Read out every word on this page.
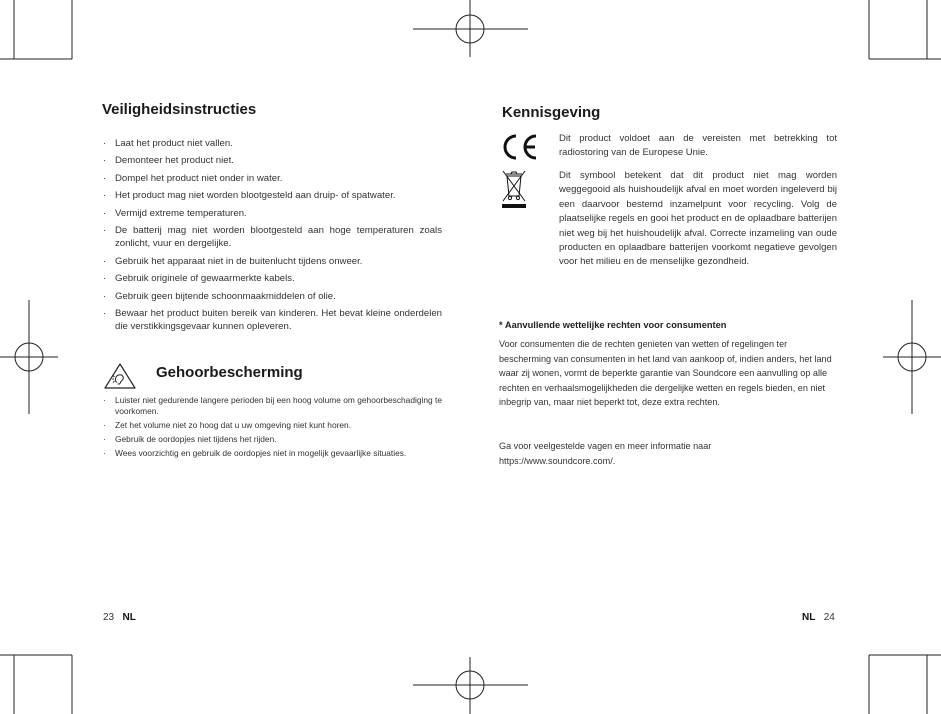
Veiligheidsinstructies
· Laat het product niet vallen.
· Demonteer het product niet.
· Dompel het product niet onder in water.
· Het product mag niet worden blootgesteld aan druip- of spatwater.
· Vermijd extreme temperaturen.
· De batterij mag niet worden blootgesteld aan hoge temperaturen zoals zonlicht, vuur en dergelijke.
· Gebruik het apparaat niet in de buitenlucht tijdens onweer.
· Gebruik originele of gewaarmerkte kabels.
· Gebruik geen bijtende schoonmaakmiddelen of olie.
· Bewaar het product buiten bereik van kinderen. Het bevat kleine onderdelen die verstikkingsgevaar kunnen opleveren.
Gehoorbescherming
· Luister niet gedurende langere perioden bij een hoog volume om gehoorbeschadiging te voorkomen.
· Zet het volume niet zo hoog dat u uw omgeving niet kunt horen.
· Gebruik de oordopjes niet tijdens het rijden.
· Wees voorzichtig en gebruik de oordopjes niet in mogelijk gevaarlijke situaties.
23 NL
Kennisgeving

Dit product voldoet aan de vereisten met betrekking tot radiostoring van de Europese Unie.

Dit symbool betekent dat dit product niet mag worden weggegooid als huishoudelijk afval en moet worden ingeleverd bij een daarvoor bestemd inzamelpunt voor recycling. Volg de plaatselijke regels en gooi het product en de oplaadbare batterijen niet weg bij het huishoudelijk afval. Correcte inzameling van oude producten en oplaadbare batterijen voorkomt negatieve gevolgen voor het milieu en de menselijke gezondheid.

* Aanvullende wettelijke rechten voor consumenten

Voor consumenten die de rechten genieten van wetten of regelingen ter bescherming van consumenten in het land van aankoop of, indien anders, het land waar zij wonen, vormt de beperkte garantie van Soundcore een aanvulling op alle rechten en verhaalsmogelijkheden die dergelijke wetten en regels bieden, en niet inbegrip van, maar niet beperkt tot, deze extra rechten.

Ga voor veelgestelde vagen en meer informatie naar https://www.soundcore.com/.

NL 24
